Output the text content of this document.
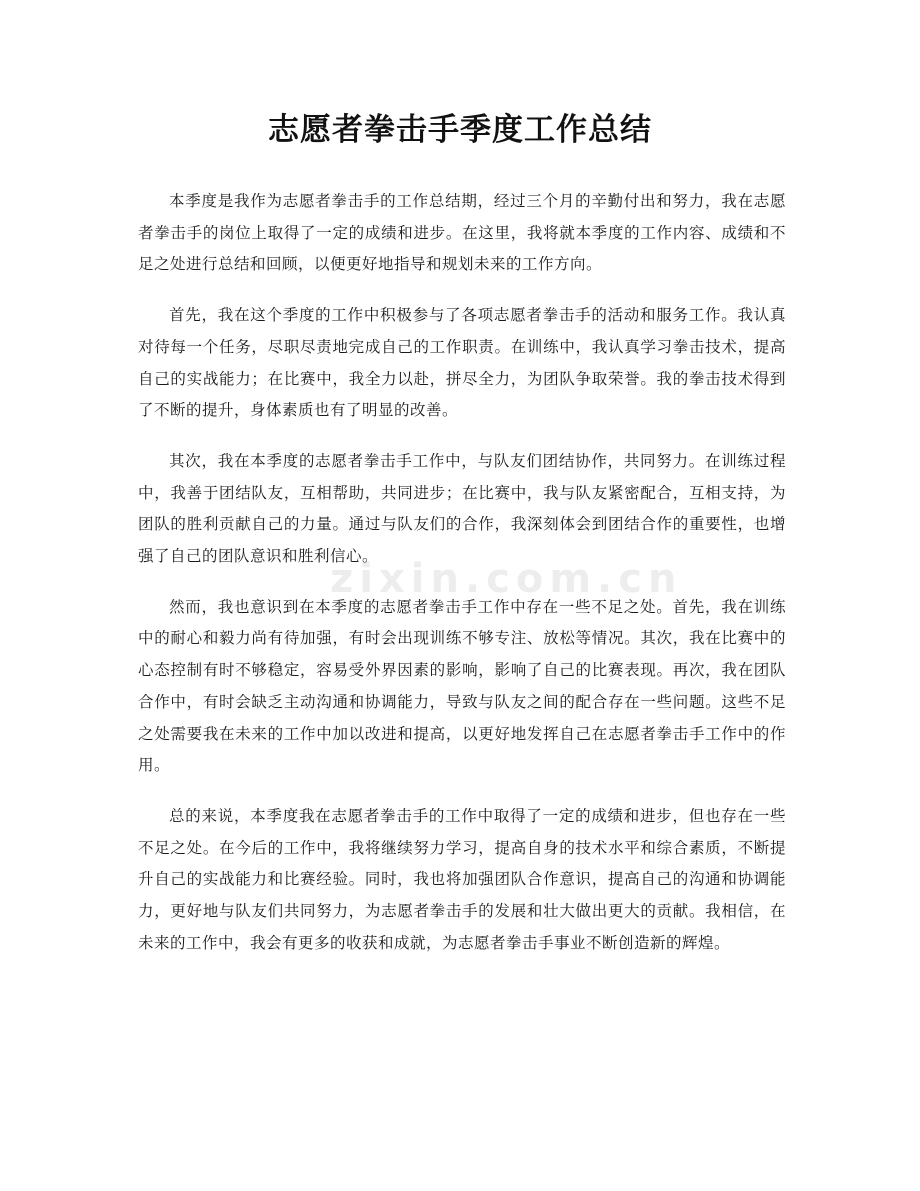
志愿者拳击手季度工作总结

本季度是我作为志愿者拳击手的工作总结期，经过三个月的辛勤付出和努力，我在志愿者拳击手的岗位上取得了一定的成绩和进步。在这里，我将就本季度的工作内容、成绩和不足之处进行总结和回顾，以便更好地指导和规划未来的工作方向。

首先，我在这个季度的工作中积极参与了各项志愿者拳击手的活动和服务工作。我认真对待每一个任务，尽职尽责地完成自己的工作职责。在训练中，我认真学习拳击技术，提高自己的实战能力；在比赛中，我全力以赴，拼尽全力，为团队争取荣誉。我的拳击技术得到了不断的提升，身体素质也有了明显的改善。

其次，我在本季度的志愿者拳击手工作中，与队友们团结协作，共同努力。在训练过程中，我善于团结队友，互相帮助，共同进步；在比赛中，我与队友紧密配合，互相支持，为团队的胜利贡献自己的力量。通过与队友们的合作，我深刻体会到团结合作的重要性，也增强了自己的团队意识和胜利信心。

然而，我也意识到在本季度的志愿者拳击手工作中存在一些不足之处。首先，我在训练中的耐心和毅力尚有待加强，有时会出现训练不够专注、放松等情况。其次，我在比赛中的心态控制有时不够稳定，容易受外界因素的影响，影响了自己的比赛表现。再次，我在团队合作中，有时会缺乏主动沟通和协调能力，导致与队友之间的配合存在一些问题。这些不足之处需要我在未来的工作中加以改进和提高，以更好地发挥自己在志愿者拳击手工作中的作用。

总的来说，本季度我在志愿者拳击手的工作中取得了一定的成绩和进步，但也存在一些不足之处。在今后的工作中，我将继续努力学习，提高自身的技术水平和综合素质，不断提升自己的实战能力和比赛经验。同时，我也将加强团队合作意识，提高自己的沟通和协调能力，更好地与队友们共同努力，为志愿者拳击手的发展和壮大做出更大的贡献。我相信，在未来的工作中，我会有更多的收获和成就，为志愿者拳击手事业不断创造新的辉煌。

zixin.com.cn
